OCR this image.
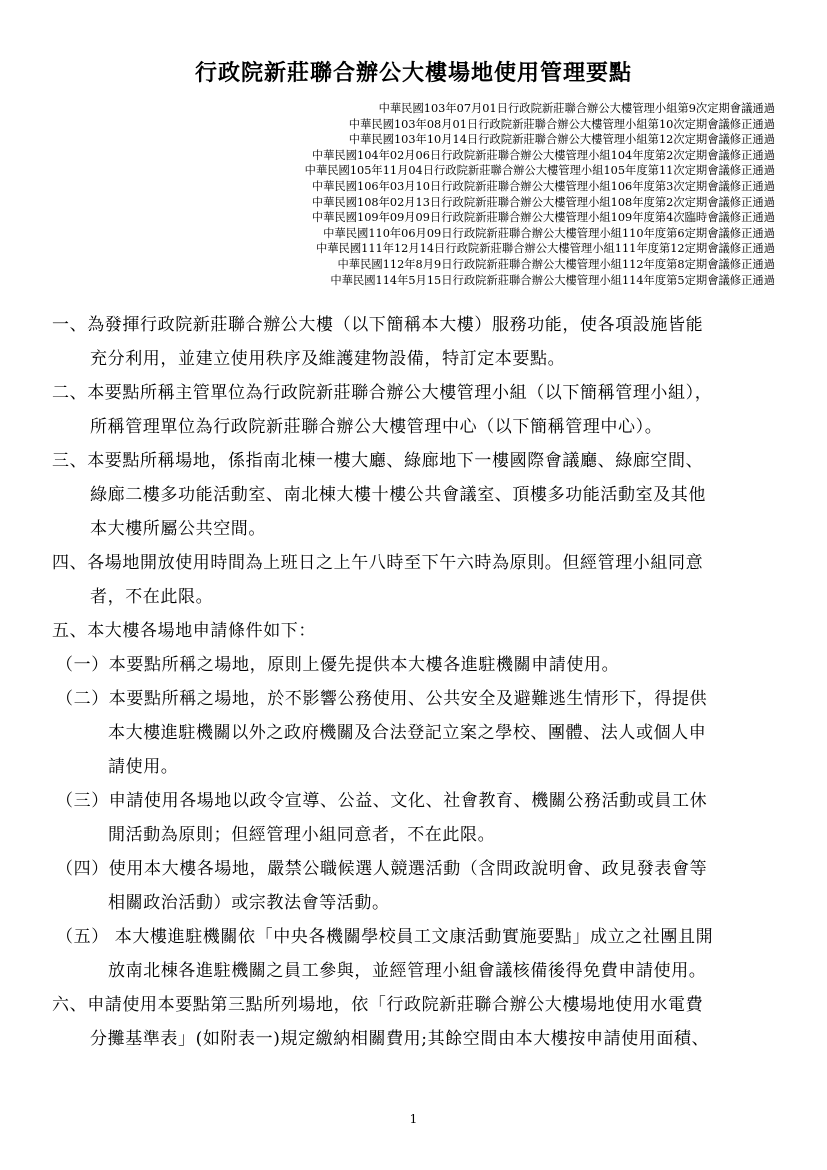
行政院新莊聯合辦公大樓場地使用管理要點
中華民國103年07月01日行政院新莊聯合辦公大樓管理小組第9次定期會議通過
中華民國103年08月01日行政院新莊聯合辦公大樓管理小組第10次定期會議修正通過
中華民國103年10月14日行政院新莊聯合辦公大樓管理小組第12次定期會議修正通過
中華民國104年02月06日行政院新莊聯合辦公大樓管理小組104年度第2次定期會議修正通過
中華民國105年11月04日行政院新莊聯合辦公大樓管理小組105年度第11次定期會議修正通過
中華民國106年03月10日行政院新莊聯合辦公大樓管理小組106年度第3次定期會議修正通過
中華民國108年02月13日行政院新莊聯合辦公大樓管理小組108年度第2次定期會議修正通過
中華民國109年09月09日行政院新莊聯合辦公大樓管理小組109年度第4次臨時會議修正通過
中華民國110年06月09日行政院新莊聯合辦公大樓管理小組110年度第6定期會議修正通過
中華民國111年12月14日行政院新莊聯合辦公大樓管理小組111年度第12定期會議修正通過
中華民國112年8月9日行政院新莊聯合辦公大樓管理小組112年度第8定期會議修正通過
中華民國114年5月15日行政院新莊聯合辦公大樓管理小組114年度第5定期會議修正通過
一、為發揮行政院新莊聯合辦公大樓（以下簡稱本大樓）服務功能，使各項設施皆能
充分利用，並建立使用秩序及維護建物設備，特訂定本要點。
二、本要點所稱主管單位為行政院新莊聯合辦公大樓管理小組（以下簡稱管理小組），
所稱管理單位為行政院新莊聯合辦公大樓管理中心（以下簡稱管理中心）。
三、本要點所稱場地，係指南北棟一樓大廳、綠廊地下一樓國際會議廳、綠廊空間、
綠廊二樓多功能活動室、南北棟大樓十樓公共會議室、頂樓多功能活動室及其他
本大樓所屬公共空間。
四、各場地開放使用時間為上班日之上午八時至下午六時為原則。但經管理小組同意
者，不在此限。
五、本大樓各場地申請條件如下：
（一）本要點所稱之場地，原則上優先提供本大樓各進駐機關申請使用。
（二）本要點所稱之場地，於不影響公務使用、公共安全及避難逃生情形下，得提供
本大樓進駐機關以外之政府機關及合法登記立案之學校、團體、法人或個人申
請使用。
（三）申請使用各場地以政令宣導、公益、文化、社會教育、機關公務活動或員工休
閒活動為原則；但經管理小組同意者，不在此限。
（四）使用本大樓各場地，嚴禁公職候選人競選活動（含問政說明會、政見發表會等
相關政治活動）或宗教法會等活動。
（五） 本大樓進駐機關依「中央各機關學校員工文康活動實施要點」成立之社團且開
放南北棟各進駐機關之員工參與，並經管理小組會議核備後得免費申請使用。
六、申請使用本要點第三點所列場地，依「行政院新莊聯合辦公大樓場地使用水電費
分攤基準表」(如附表一)規定繳納相關費用;其餘空間由本大樓按申請使用面積、
1
